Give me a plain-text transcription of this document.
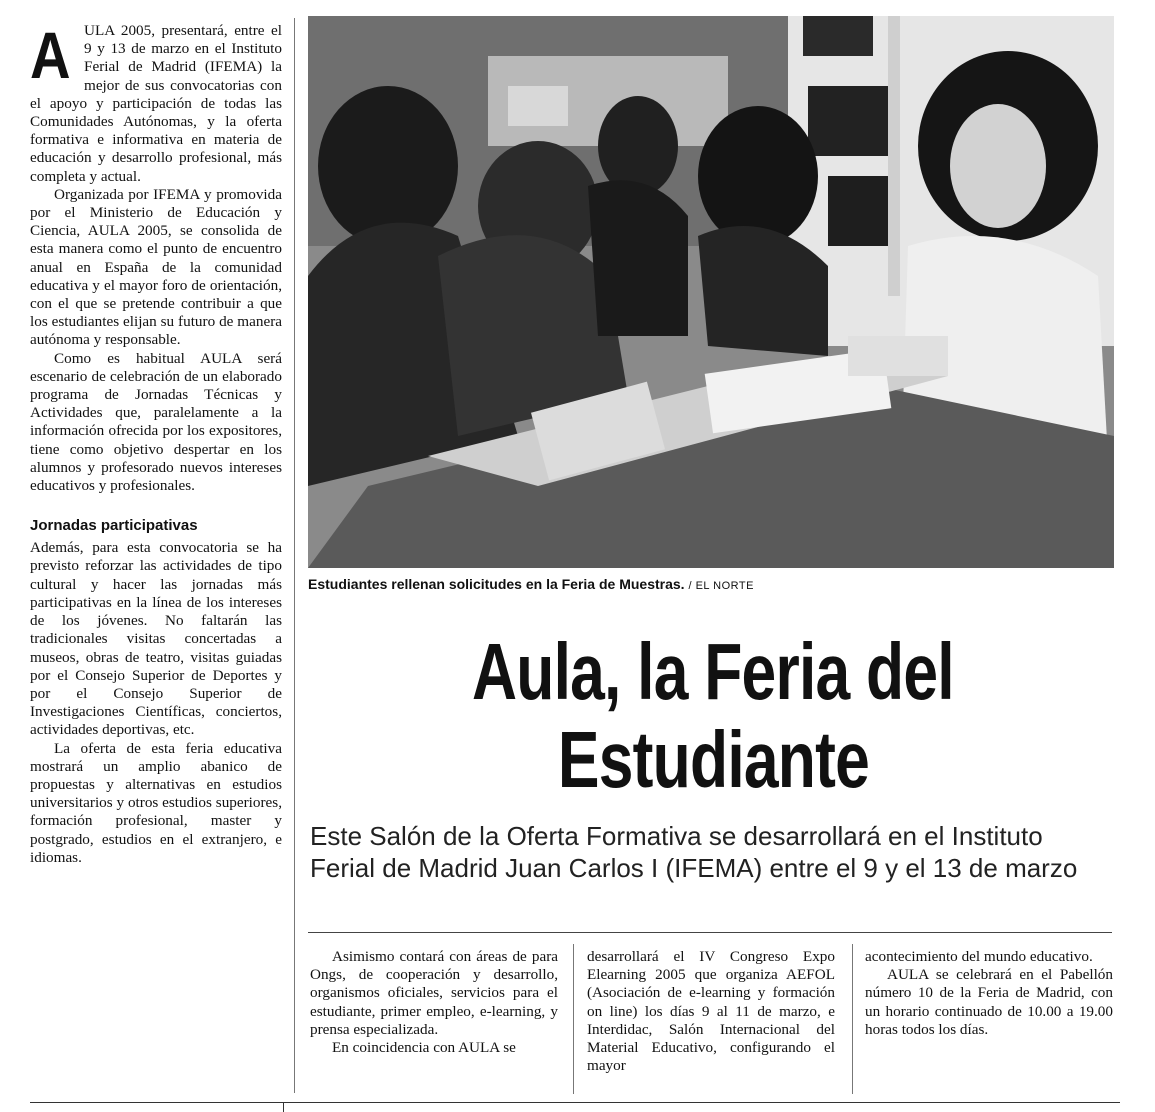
A ULA 2005, presentará, entre el 9 y 13 de marzo en el Instituto Ferial de Madrid (IFEMA) la mejor de sus convocatorias con el apoyo y participación de todas las Comunidades Autónomas, y la oferta formativa e informativa en materia de educación y desarrollo profesional, más completa y actual.

Organizada por IFEMA y promovida por el Ministerio de Educación y Ciencia, AULA 2005, se consolida de esta manera como el punto de encuentro anual en España de la comunidad educativa y el mayor foro de orientación, con el que se pretende contribuir a que los estudiantes elijan su futuro de manera autónoma y responsable.

Como es habitual AULA será escenario de celebración de un elaborado programa de Jornadas Técnicas y Actividades que, paralelamente a la información ofrecida por los expositores, tiene como objetivo despertar en los alumnos y profesorado nuevos intereses educativos y profesionales.

Jornadas participativas

Además, para esta convocatoria se ha previsto reforzar las actividades de tipo cultural y hacer las jornadas más participativas en la línea de los intereses de los jóvenes. No faltarán las tradicionales visitas concertadas a museos, obras de teatro, visitas guiadas por el Consejo Superior de Deportes y por el Consejo Superior de Investigaciones Científicas, conciertos, actividades deportivas, etc.

La oferta de esta feria educativa mostrará un amplio abanico de propuestas y alternativas en estudios universitarios y otros estudios superiores, formación profesional, master y postgrado, estudios en el extranjero, e idiomas.

Estudiantes rellenan solicitudes en la Feria de Muestras. / EL NORTE
Aula, la Feria del
Estudiante
Este Salón de la Oferta Formativa se desarrollará en el Instituto Ferial de Madrid Juan Carlos I (IFEMA) entre el 9 y el 13 de marzo

Asimismo contará con áreas de para Ongs, de cooperación y desarrollo, organismos oficiales, servicios para el estudiante, primer empleo, e-learning, y prensa especializada.

En coincidencia con AULA se

desarrollará el IV Congreso Expo Elearning 2005 que organiza AEFOL (Asociación de e-learning y formación on line) los días 9 al 11 de marzo, e Interdidac, Salón Internacional del Material Educativo, configurando el mayor

acontecimiento del mundo educativo.

AULA se celebrará en el Pabellón número 10 de la Feria de Madrid, con un horario continuado de 10.00 a 19.00 horas todos los días.
